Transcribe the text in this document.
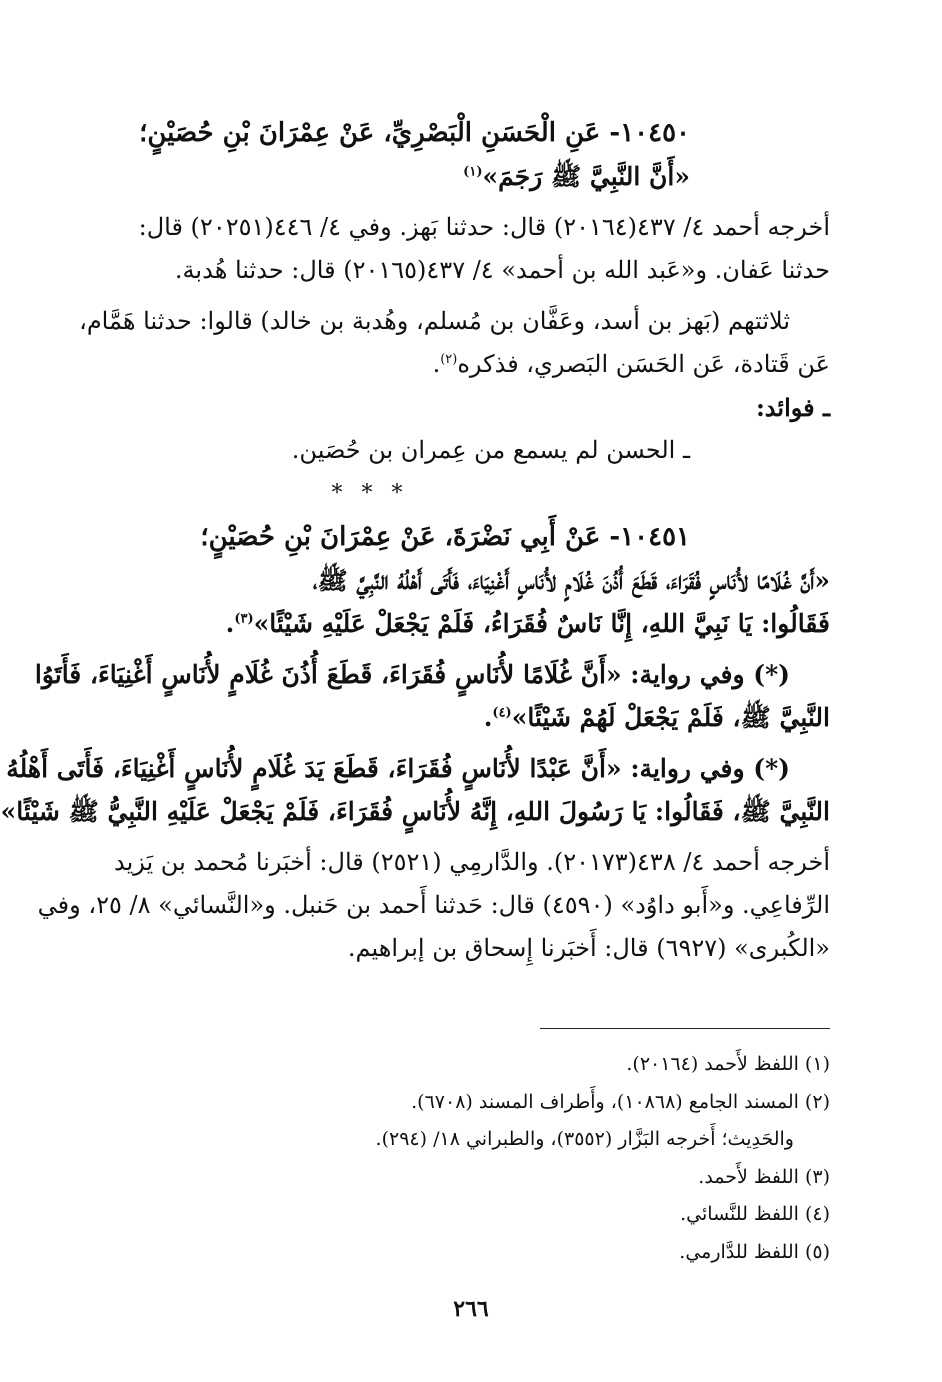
١٠٤٥٠- عَنِ الْحَسَنِ الْبَصْرِيِّ، عَنْ عِمْرَانَ بْنِ حُصَيْنٍ؛
«أَنَّ النَّبِيَّ ﷺ رَجَمَ»$^{(١)}$
أخرجه أحمد ٤/ ٤٣٧(٢٠١٦٤) قال: حدثنا بَهز. وفي ٤/ ٤٤٦(٢٠٢٥١) قال:
حدثنا عَفان. و«عَبد الله بن أحمد» ٤/ ٤٣٧(٢٠١٦٥) قال: حدثنا هُدبة.
ثلاثتهم (بَهز بن أسد، وعَفَّان بن مُسلم، وهُدبة بن خالد) قالوا: حدثنا هَمَّام،
عَن قَتادة، عَن الحَسَن البَصري، فذكره$^{(٢)}$.
ـ فوائد:
ـ الحسن لم يسمع من عِمران بن حُصَين.
* * *
١٠٤٥١- عَنْ أَبِي نَضْرَةَ، عَنْ عِمْرَانَ بْنِ حُصَيْنٍ؛
«أَنَّ غُلَامًا لأُنَاسٍ فُقَرَاءَ، قَطَعَ أُذُنَ غُلَامٍ لأُنَاسٍ أَغْنِيَاءَ، فَأَتَى أَهْلُهُ النَّبِيَّ ﷺ،
فَقَالُوا: يَا نَبِيَّ اللهِ، إِنَّا نَاسٌ فُقَرَاءُ، فَلَمْ يَجْعَلْ عَلَيْهِ شَيْئًا»$^{(٣)}$.
(*) وفي رواية: «أَنَّ غُلَامًا لأُنَاسٍ فُقَرَاءَ، قَطَعَ أُذُنَ غُلَامٍ لأُنَاسٍ أَغْنِيَاءَ، فَأَتَوُا
النَّبِيَّ ﷺ، فَلَمْ يَجْعَلْ لَهُمْ شَيْئًا»$^{(٤)}$.
(*) وفي رواية: «أَنَّ عَبْدًا لأُنَاسٍ فُقَرَاءَ، قَطَعَ يَدَ غُلَامٍ لأُنَاسٍ أَغْنِيَاءَ، فَأَتَى أَهْلُهُ
النَّبِيَّ ﷺ، فَقَالُوا: يَا رَسُولَ اللهِ، إِنَّهُ لأُنَاسٍ فُقَرَاءَ، فَلَمْ يَجْعَلْ عَلَيْهِ النَّبِيُّ ﷺ شَيْئًا»
أخرجه أحمد ٤/ ٤٣٨(٢٠١٧٣). والدَّارمِي (٢٥٢١) قال: أخبَرنا مُحمد بن يَزيد
الرِّفاعِي. و«أَبو داوُد» (٤٥٩٠) قال: حَدثنا أَحمد بن حَنبل. و«النَّسائي» ٨/ ٢٥، وفي
«الكُبرى» (٦٩٢٧) قال: أَخبَرنا إِسحاق بن إبراهيم.
(١) اللفظ لأَحمد (٢٠١٦٤).
(٢) المسند الجامع (١٠٨٦٨)، وأَطراف المسند (٦٧٠٨).
والحَدِيث؛ أَخرجه البَزَّار (٣٥٥٢)، والطبراني ١٨/ (٢٩٤).
(٣) اللفظ لأَحمد.
(٤) اللفظ للنَّسائي.
(٥) اللفظ للدَّارمي.
٢٦٦
